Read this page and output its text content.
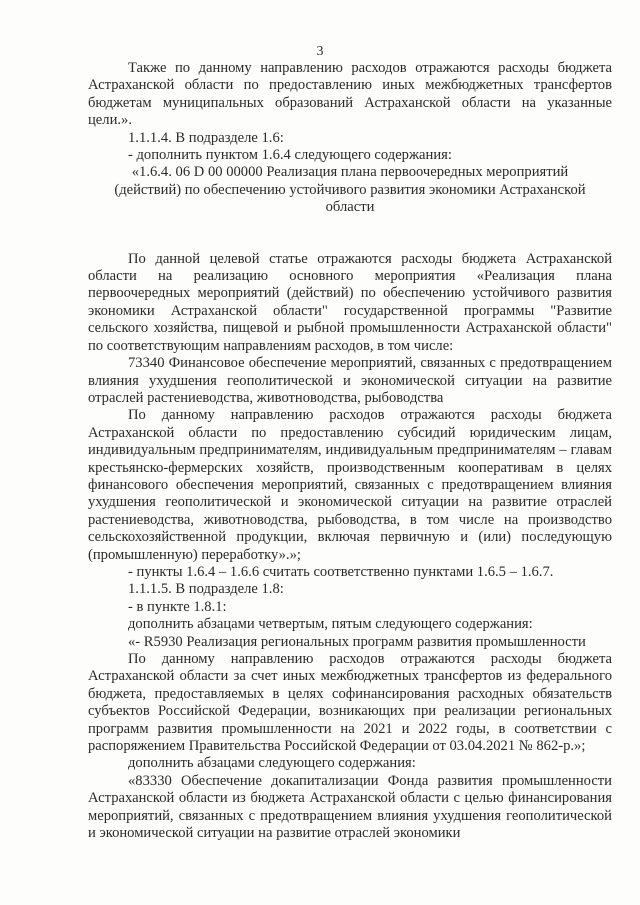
3

Также по данному направлению расходов отражаются расходы бюджета Астраханской области по предоставлению иных межбюджетных трансфертов бюджетам муниципальных образований Астраханской области на указанные цели.».

1.1.1.4. В подразделе 1.6:

- дополнить пунктом 1.6.4 следующего содержания:

«1.6.4. 06 D 00 00000 Реализация плана первоочередных мероприятий (действий) по обеспечению устойчивого развития экономики Астраханской области

По данной целевой статье отражаются расходы бюджета Астраханской области на реализацию основного мероприятия «Реализация плана первоочередных мероприятий (действий) по обеспечению устойчивого развития экономики Астраханской области" государственной программы "Развитие сельского хозяйства, пищевой и рыбной промышленности Астраханской области" по соответствующим направлениям расходов, в том числе:

73340 Финансовое обеспечение мероприятий, связанных с предотвращением влияния ухудшения геополитической и экономической ситуации на развитие отраслей растениеводства, животноводства, рыбоводства

По данному направлению расходов отражаются расходы бюджета Астраханской области по предоставлению субсидий юридическим лицам, индивидуальным предпринимателям, индивидуальным предпринимателям – главам крестьянско-фермерских хозяйств, производственным кооперативам в целях финансового обеспечения мероприятий, связанных с предотвращением влияния ухудшения геополитической и экономической ситуации на развитие отраслей растениеводства, животноводства, рыбоводства, в том числе на производство сельскохозяйственной продукции, включая первичную и (или) последующую (промышленную) переработку».»;

- пункты 1.6.4 – 1.6.6 считать соответственно пунктами 1.6.5 – 1.6.7.

1.1.1.5. В подразделе 1.8:

- в пункте 1.8.1:

дополнить абзацами четвертым, пятым следующего содержания:

«- R5930 Реализация региональных программ развития промышленности

По данному направлению расходов отражаются расходы бюджета Астраханской области за счет иных межбюджетных трансфертов из федерального бюджета, предоставляемых в целях софинансирования расходных обязательств субъектов Российской Федерации, возникающих при реализации региональных программ развития промышленности на 2021 и 2022 годы, в соответствии с распоряжением Правительства Российской Федерации от 03.04.2021 № 862-р.»;

дополнить абзацами следующего содержания:

«83330 Обеспечение докапитализации Фонда развития промышленности Астраханской области из бюджета Астраханской области с целью финансирования мероприятий, связанных с предотвращением влияния ухудшения геополитической и экономической ситуации на развитие отраслей экономики
